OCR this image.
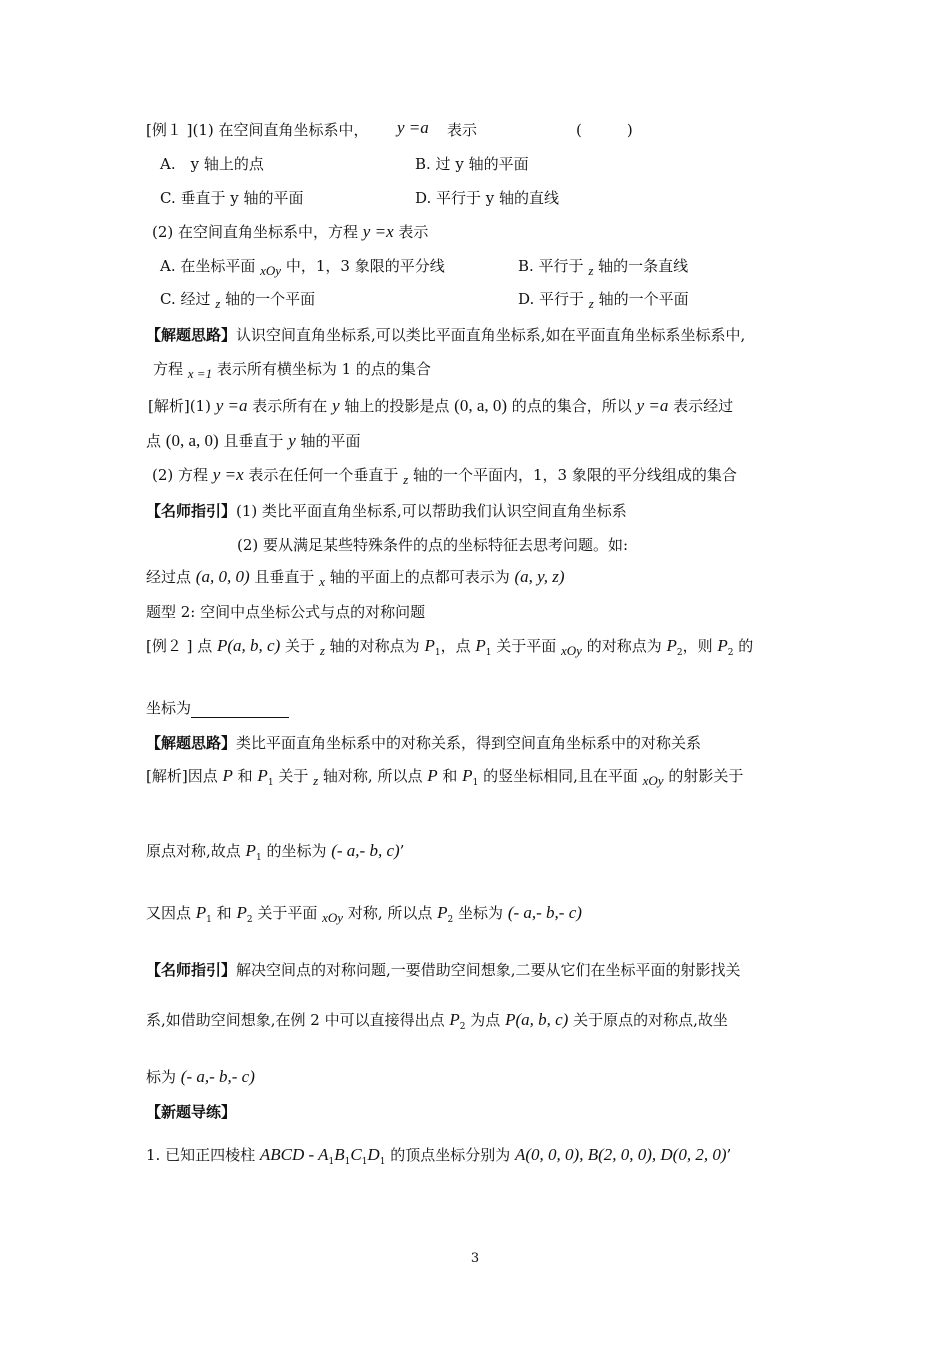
[例１ ](1) 在空间直角坐标系中， y =a 表示	(　　　)
A.　y 轴上的点	B. 过 y 轴的平面
C. 垂直于 y 轴的平面	D. 平行于 y 轴的直线
(2) 在空间直角坐标系中，方程 y =x 表示
A. 在坐标平面 xOy 中，1，3 象限的平分线	B. 平行于 z 轴的一条直线
C. 经过 z 轴的一个平面	D. 平行于 z 轴的一个平面
【解题思路】认识空间直角坐标系,可以类比平面直角坐标系,如在平面直角坐标系坐标系中,
方程 x =1 表示所有横坐标为 1 的点的集合
[解析](1) y =a 表示所有在 y 轴上的投影是点 (0, a, 0) 的点的集合，所以 y =a 表示经过
点 (0, a, 0) 且垂直于 y 轴的平面
(2) 方程 y =x 表示在任何一个垂直于 z 轴的一个平面内，1，3 象限的平分线组成的集合
【名师指引】(1) 类比平面直角坐标系,可以帮助我们认识空间直角坐标系
(2) 要从满足某些特殊条件的点的坐标特征去思考问题。如:
经过点 (a, 0, 0) 且垂直于 x 轴的平面上的点都可表示为 (a, y, z)
题型 2: 空间中点坐标公式与点的对称问题
[例２ ] 点 P(a, b, c) 关于 z 轴的对称点为 $P_1$，点 $P_1$ 关于平面 xOy 的对称点为 $P_2$，则 $P_2$ 的
坐标为
【解题思路】类比平面直角坐标系中的对称关系，得到空间直角坐标系中的对称关系
[解析]因点 P 和 $P_1$ 关于 z 轴对称, 所以点 P 和 $P_1$ 的竖坐标相同,且在平面 xOy 的射影关于
原点对称,故点 $P_1$ 的坐标为 (- a,- b, c)’
又因点 $P_1$ 和 $P_2$ 关于平面 xOy 对称, 所以点 $P_2$ 坐标为 (- a,- b,- c)
【名师指引】解决空间点的对称问题,一要借助空间想象,二要从它们在坐标平面的射影找关
系,如借助空间想象,在例 2 中可以直接得出点 $P_2$ 为点 P(a, b, c) 关于原点的对称点,故坐
标为 (- a,- b,- c)
【新题导练】
1. 已知正四棱柱 ABCD - $A_1B_1C_1D_1$ 的顶点坐标分别为 A(0, 0, 0), B(2, 0, 0), D(0, 2, 0)’
3
